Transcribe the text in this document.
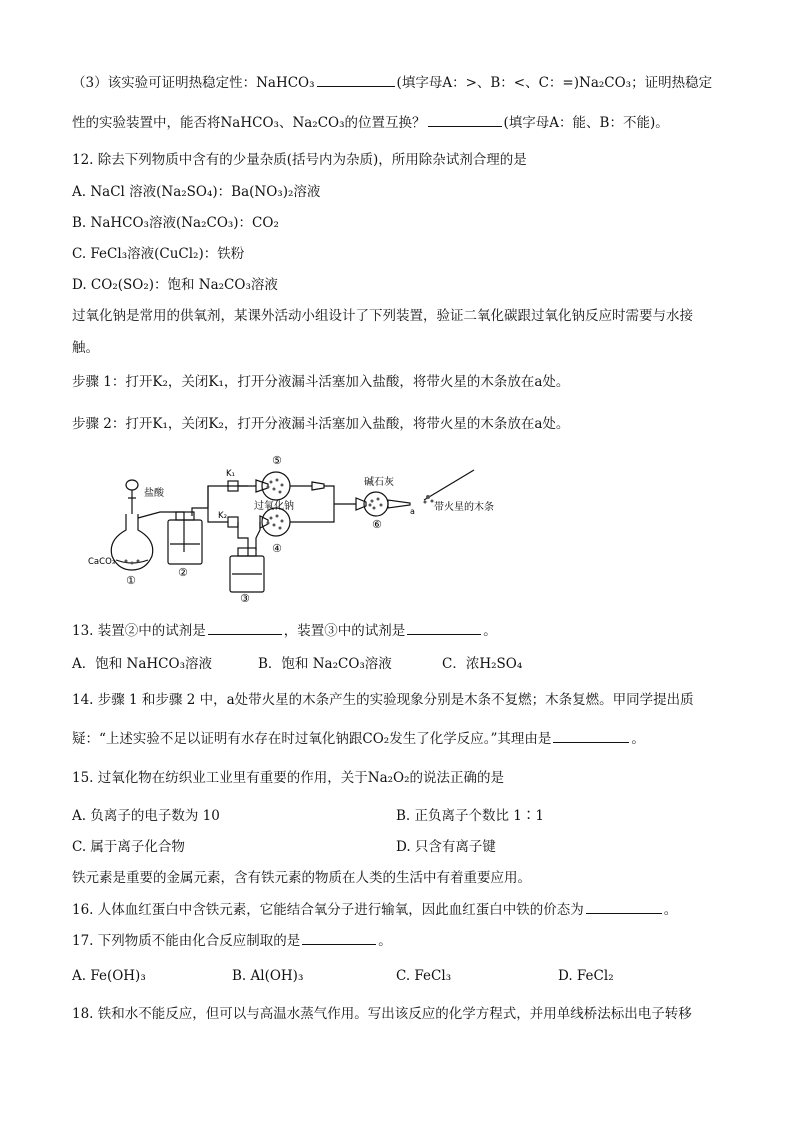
（3）该实验可证明热稳定性：NaHCO₃	(填字母A：>、B：<、C：=)Na₂CO₃；证明热稳定
性的实验装置中，能否将NaHCO₃、Na₂CO₃的位置互换？	(填字母A：能、B：不能)。
12. 除去下列物质中含有的少量杂质(括号内为杂质)，所用除杂试剂合理的是
A. NaCl 溶液(Na₂SO₄)：Ba(NO₃)₂溶液
B. NaHCO₃溶液(Na₂CO₃)：CO₂
C. FeCl₃溶液(CuCl₂)：铁粉
D. CO₂(SO₂)：饱和 Na₂CO₃溶液
过氧化钠是常用的供氧剂，某课外活动小组设计了下列装置，验证二氧化碳跟过氧化钠反应时需要与水接
触。
步骤 1：打开K₂，关闭K₁，打开分液漏斗活塞加入盐酸，将带火星的木条放在a处。
步骤 2：打开K₁，关闭K₂，打开分液漏斗活塞加入盐酸，将带火星的木条放在a处。
盐酸
CaCO₃
K₁
K₂
过氧化钠
碱石灰
a 带火星的木条
①
②
③
④
⑤
⑥
13. 装置②中的试剂是	，装置③中的试剂是	。
A．饱和 NaHCO₃溶液	B．饱和 Na₂CO₃溶液	C．浓H₂SO₄
14. 步骤 1 和步骤 2 中，a处带火星的木条产生的实验现象分别是木条不复燃；木条复燃。甲同学提出质
疑：“上述实验不足以证明有水存在时过氧化钠跟CO₂发生了化学反应。”其理由是	。
15. 过氧化物在纺织业工业里有重要的作用，关于Na₂O₂的说法正确的是
A. 负离子的电子数为 10	B. 正负离子个数比 1∶1
C. 属于离子化合物	D. 只含有离子键
铁元素是重要的金属元素，含有铁元素的物质在人类的生活中有着重要应用。
16. 人体血红蛋白中含铁元素，它能结合氧分子进行输氧，因此血红蛋白中铁的价态为	。
17. 下列物质不能由化合反应制取的是	。
A. Fe(OH)₃	B. Al(OH)₃	C. FeCl₃	D. FeCl₂
18. 铁和水不能反应，但可以与高温水蒸气作用。写出该反应的化学方程式，并用单线桥法标出电子转移
